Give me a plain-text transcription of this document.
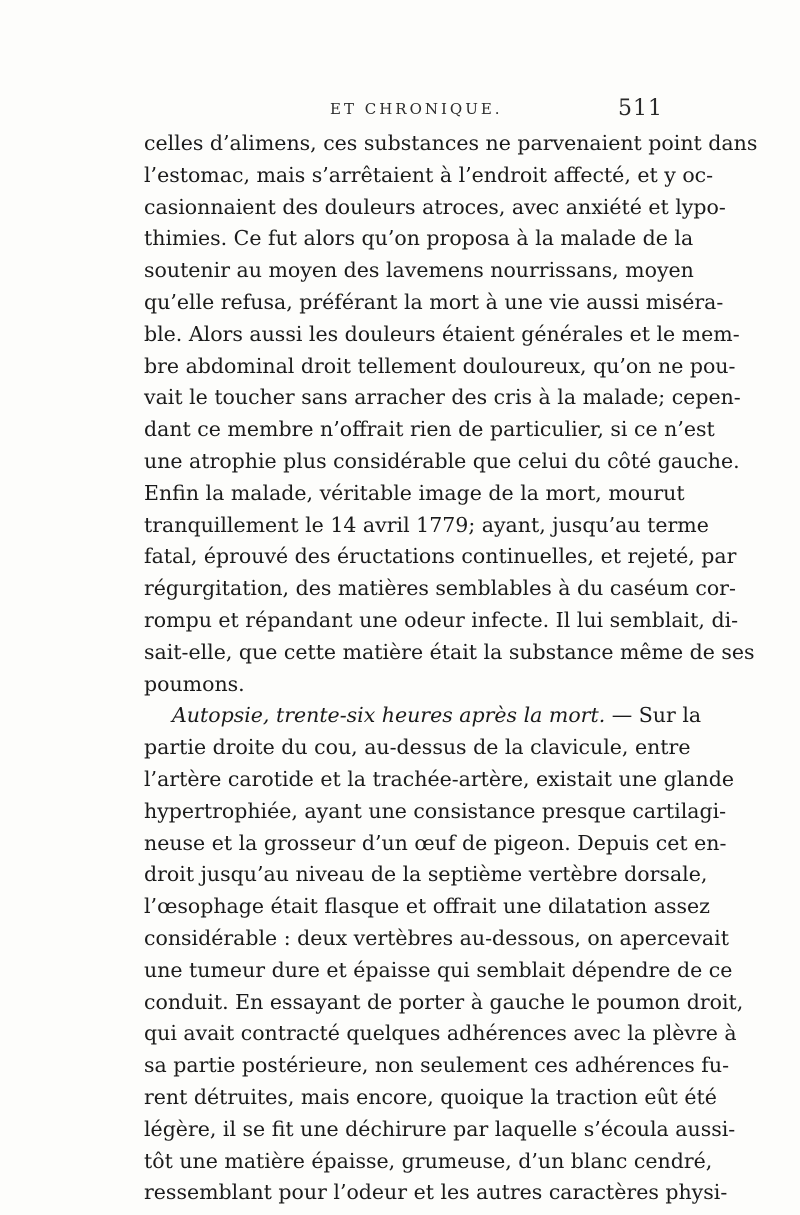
ET CHRONIQUE.	511
celles d’alimens, ces substances ne parvenaient point dans
l’estomac, mais s’arrêtaient à l’endroit affecté, et y oc-
casionnaient des douleurs atroces, avec anxiété et lypo-
thimies. Ce fut alors qu’on proposa à la malade de la
soutenir au moyen des lavemens nourrissans, moyen
qu’elle refusa, préférant la mort à une vie aussi miséra-
ble. Alors aussi les douleurs étaient générales et le mem-
bre abdominal droit tellement douloureux, qu’on ne pou-
vait le toucher sans arracher des cris à la malade; cepen-
dant ce membre n’offrait rien de particulier, si ce n’est
une atrophie plus considérable que celui du côté gauche.
Enfin la malade, véritable image de la mort, mourut
tranquillement le 14 avril 1779; ayant, jusqu’au terme
fatal, éprouvé des éructations continuelles, et rejeté, par
régurgitation, des matières semblables à du caséum cor-
rompu et répandant une odeur infecte. Il lui semblait, di-
sait-elle, que cette matière était la substance même de ses
poumons.
Autopsie, trente-six heures après la mort. — Sur la
partie droite du cou, au-dessus de la clavicule, entre
l’artère carotide et la trachée-artère, existait une glande
hypertrophiée, ayant une consistance presque cartilagi-
neuse et la grosseur d’un œuf de pigeon. Depuis cet en-
droit jusqu’au niveau de la septième vertèbre dorsale,
l’œsophage était flasque et offrait une dilatation assez
considérable : deux vertèbres au-dessous, on apercevait
une tumeur dure et épaisse qui semblait dépendre de ce
conduit. En essayant de porter à gauche le poumon droit,
qui avait contracté quelques adhérences avec la plèvre à
sa partie postérieure, non seulement ces adhérences fu-
rent détruites, mais encore, quoique la traction eût été
légère, il se fit une déchirure par laquelle s’écoula aussi-
tôt une matière épaisse, grumeuse, d’un blanc cendré,
ressemblant pour l’odeur et les autres caractères physi-
